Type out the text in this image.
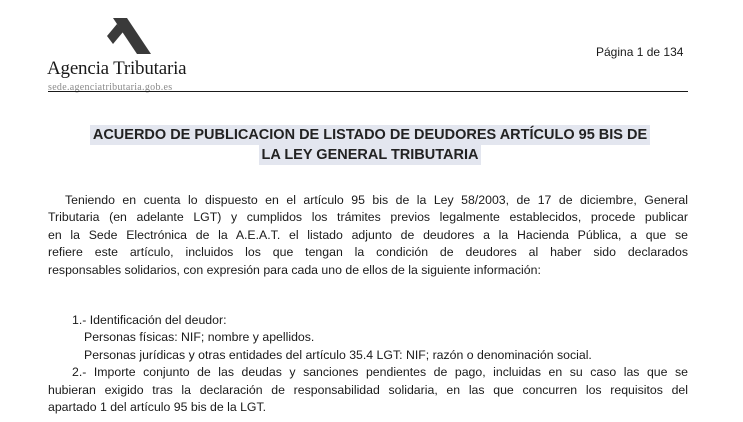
Agencia Tributaria
sede.agenciatributaria.gob.es
Página 1 de 134
ACUERDO DE PUBLICACION DE LISTADO DE DEUDORES ARTÍCULO 95 BIS DE
LA LEY GENERAL TRIBUTARIA
Teniendo en cuenta lo dispuesto en el artículo 95 bis de la Ley 58/2003, de 17 de diciembre, General
Tributaria (en adelante LGT) y cumplidos los trámites previos legalmente establecidos, procede publicar
en la Sede Electrónica de la A.E.A.T. el listado adjunto de deudores a la Hacienda Pública, a que se
refiere este artículo, incluidos los que tengan la condición de deudores al haber sido declarados
responsables solidarios, con expresión para cada uno de ellos de la siguiente información:
1.- Identificación del deudor:
Personas físicas: NIF; nombre y apellidos.
Personas jurídicas y otras entidades del artículo 35.4 LGT: NIF; razón o denominación social.
2.- Importe conjunto de las deudas y sanciones pendientes de pago, incluidas en su caso las que se
hubieran exigido tras la declaración de responsabilidad solidaria, en las que concurren los requisitos del
apartado 1 del artículo 95 bis de la LGT.
